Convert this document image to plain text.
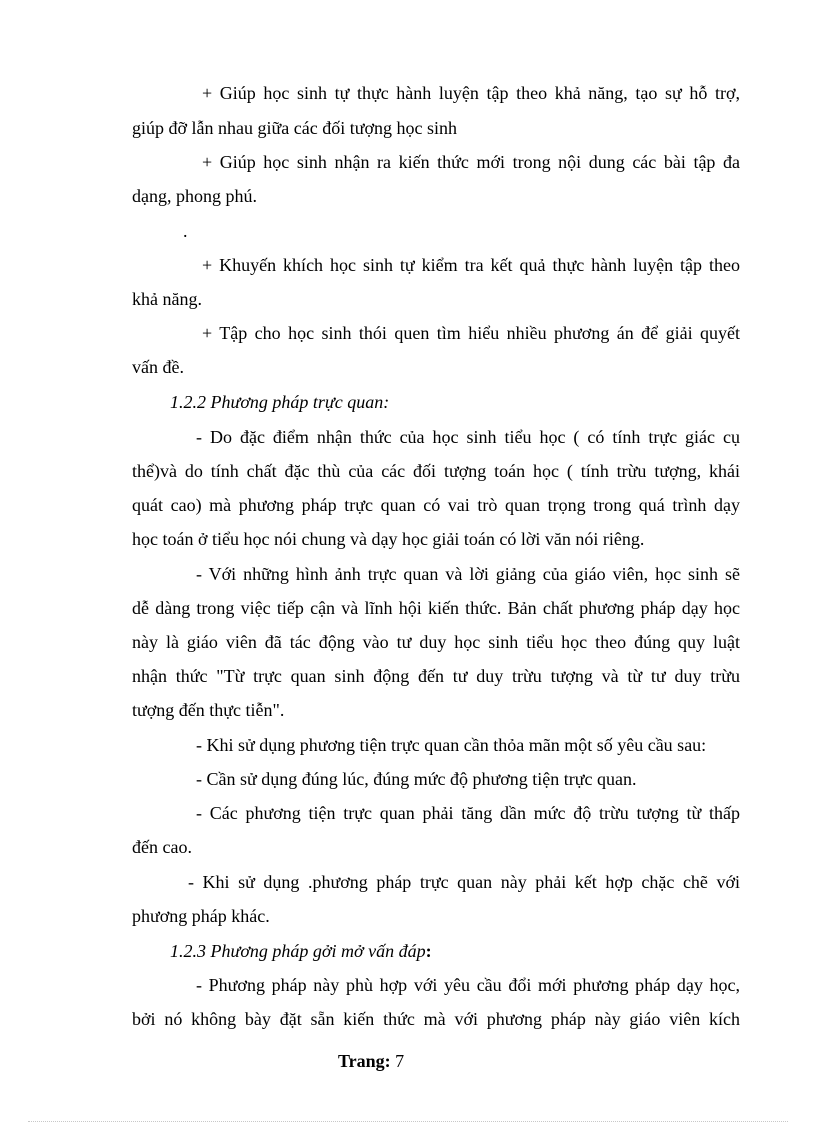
+ Giúp học sinh tự thực hành luyện tập theo khả năng, tạo sự hỗ trợ,
giúp đỡ lẫn nhau giữa các đối tượng học sinh
+ Giúp học sinh nhận ra kiến thức mới trong nội dung các bài tập đa
dạng, phong phú.
.
+ Khuyến khích học sinh tự kiểm tra kết quả thực hành luyện tập theo
khả năng.
+ Tập cho học sinh thói quen tìm hiểu nhiều phương án để giải quyết
vấn đề.
1.2.2 Phương pháp trực quan:
- Do đặc điểm nhận thức của học sinh tiểu học ( có tính trực giác cụ
thể)và do tính chất đặc thù của các đối tượng toán học ( tính trừu tượng, khái
quát cao) mà phương pháp trực quan có vai trò quan trọng trong quá trình dạy
học toán ở tiểu học nói chung và dạy học giải toán có lời văn nói riêng.
- Với những hình ảnh trực quan và lời giảng của giáo viên, học sinh sẽ
dễ dàng trong việc tiếp cận và lĩnh hội kiến thức. Bản chất phương pháp dạy học
này là giáo viên đã tác động vào tư duy học sinh tiểu học theo đúng quy luật
nhận thức "Từ trực quan sinh động đến tư duy trừu tượng và từ tư duy trừu
tượng đến thực tiễn".
- Khi sử dụng phương tiện trực quan cần thỏa mãn một số yêu cầu sau:
- Cần sử dụng đúng lúc, đúng mức độ phương tiện trực quan.
- Các phương tiện trực quan phải tăng dần mức độ trừu tượng từ thấp
đến cao.
- Khi sử dụng .phương pháp trực quan này phải kết hợp chặc chẽ với
phương pháp khác.
1.2.3 Phương pháp gởi mở vấn đáp:
- Phương pháp này phù hợp với yêu cầu đổi mới phương pháp dạy học,
bởi nó không bày đặt sẵn kiến thức mà với phương pháp này giáo viên kích
Trang: 7
